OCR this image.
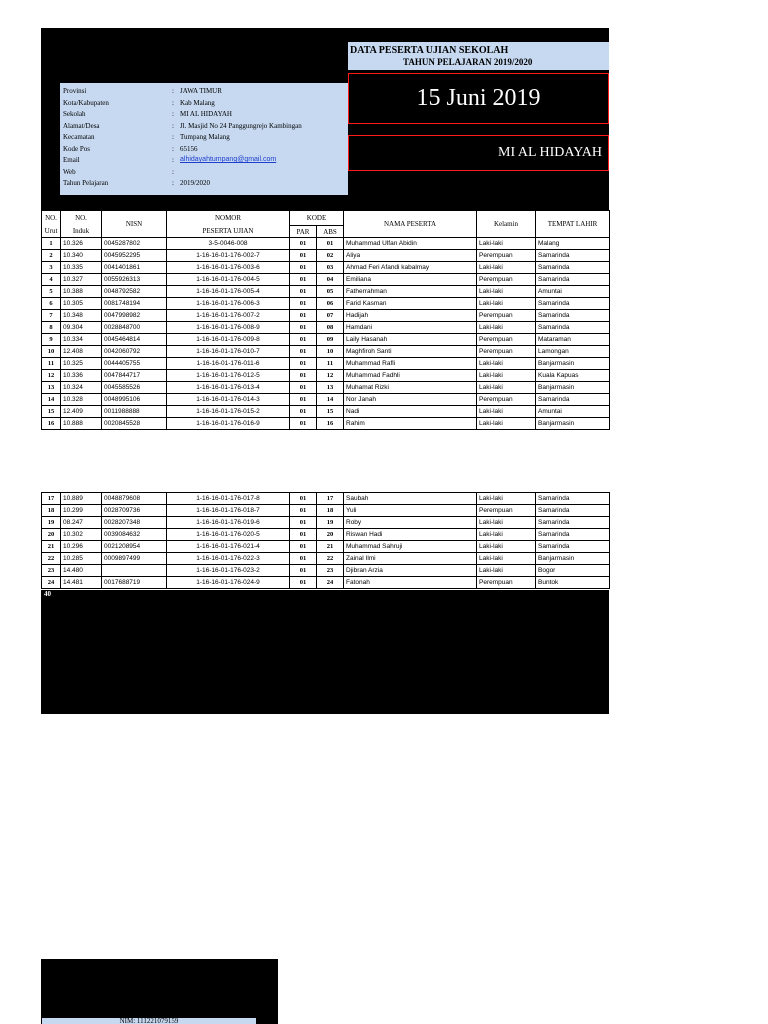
Provinsi	: JAWA TIMUR
Kota/Kabupaten	: Kab Malang
Sekolah	: MI AL HIDAYAH
Alamat/Desa	: Jl. Masjid No 24 Panggungrejo Kambingan
Kecamatan	: Tumpang Malang
Kode Pos	: 65156
Email	: alhidayahtumpang@gmail.com
Web	:
Tahun Pelajaran	: 2019/2020
DATA PESERTA UJIAN SEKOLAH
TAHUN PELAJARAN 2019/2020
15 Juni 2019
MI AL HIDAYAH
NO.	NO.	NISN	NOMOR	KODE		NAMA PESERTA	Kelamin	TEMPAT LAHIR
Urut	Induk		PESERTA UJIAN	PAR	ABS			
1	10.326	0045287802	3-5-0046-008	01	01	Muhammad Ulfan Abidin	Laki-laki	Malang
2	10.340	0045952295	1-16-16-01-176-002-7	01	02	Aliya	Perempuan	Samarinda
3	10.335	0041401861	1-16-16-01-176-003-6	01	03	Ahmad Feri Afandi kabalmay	Laki-laki	Samarinda
4	10.327	0055926313	1-16-16-01-176-004-5	01	04	Emiliana	Perempuan	Samarinda
5	10.388	0048792582	1-16-16-01-176-005-4	01	05	Fatherrahman	Laki-laki	Amuntai
6	10.305	0081748194	1-16-16-01-176-006-3	01	06	Farid Kasman	Laki-laki	Samarinda
7	10.348	0047998982	1-16-16-01-176-007-2	01	07	Hadijah	Perempuan	Samarinda
8	09.304	0028848700	1-16-16-01-176-008-9	01	08	Hamdani	Laki-laki	Samarinda
9	10.334	0045464814	1-16-16-01-176-009-8	01	09	Laily Hasanah	Perempuan	Mataraman
10	12.408	0042060792	1-16-16-01-176-010-7	01	10	Maghfiroh Santi	Perempuan	Lamongan
11	10.325	0044405755	1-16-16-01-176-011-6	01	11	Muhammad Rafli	Laki-laki	Banjarmasin
12	10.336	0047844717	1-16-16-01-176-012-5	01	12	Muhammad Fadhli	Laki-laki	Kuala Kapuas
13	10.324	0045585526	1-16-16-01-176-013-4	01	13	Muhamat Rizki	Laki-laki	Banjarmasin
14	10.328	0048995106	1-16-16-01-176-014-3	01	14	Nor Janah	Perempuan	Samarinda
15	12.409	0011988888	1-16-16-01-176-015-2	01	15	Nadi	Laki-laki	Amuntai
16	10.888	0020845528	1-16-16-01-176-016-9	01	16	Rahim	Laki-laki	Banjarmasin
17	10.889	0048879608	1-16-16-01-176-017-8	01	17	Saubah	Laki-laki	Samarinda
18	10.299	0028709736	1-16-16-01-176-018-7	01	18	Yuli	Perempuan	Samarinda
19	08.247	0028207348	1-16-16-01-176-019-6	01	19	Roby	Laki-laki	Samarinda
20	10.302	0039084632	1-16-16-01-176-020-5	01	20	Riswan Hadi	Laki-laki	Samarinda
21	10.296	0021208954	1-16-16-01-176-021-4	01	21	Muhammad Sahruji	Laki-laki	Samarinda
22	10.285	0009897499	1-16-16-01-176-022-3	01	22	Zainal Ilmi	Laki-laki	Banjarmasin
23	14.480		1-16-16-01-176-023-2	01	23	Djibran Arzia	Laki-laki	Bogor
24	14.481	0017688719	1-16-16-01-176-024-9	01	24	Fatonah	Perempuan	Buntok
40
NIM: 111221079159
